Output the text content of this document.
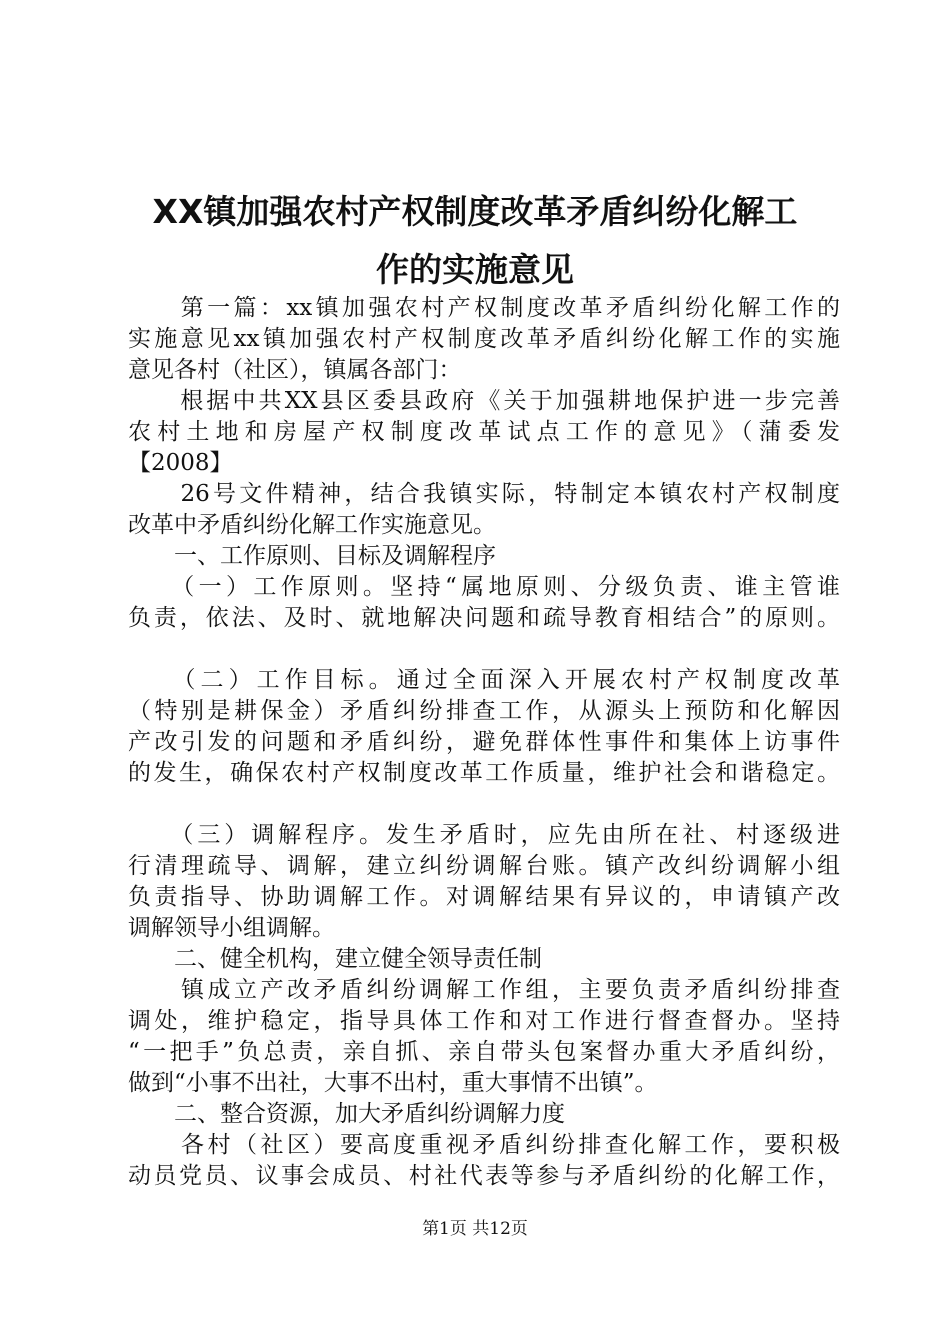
XX镇加强农村产权制度改革矛盾纠纷化解工
作的实施意见
　　第一篇：xx镇加强农村产权制度改革矛盾纠纷化解工作的
实施意见xx镇加强农村产权制度改革矛盾纠纷化解工作的实施
意见各村（社区），镇属各部门：
　　根据中共XX县区委县政府《关于加强耕地保护进一步完善
农村土地和房屋产权制度改革试点工作的意见》（蒲委发
【2008】
　　26号文件精神，结合我镇实际，特制定本镇农村产权制度
改革中矛盾纠纷化解工作实施意见。
　　一、工作原则、目标及调解程序
　　（一）工作原则。坚持“属地原则、分级负责、谁主管谁
负责，依法、及时、就地解决问题和疏导教育相结合”的原则。
　　（二）工作目标。通过全面深入开展农村产权制度改革
（特别是耕保金）矛盾纠纷排查工作，从源头上预防和化解因
产改引发的问题和矛盾纠纷，避免群体性事件和集体上访事件
的发生，确保农村产权制度改革工作质量，维护社会和谐稳定。
　　（三）调解程序。发生矛盾时，应先由所在社、村逐级进
行清理疏导、调解，建立纠纷调解台账。镇产改纠纷调解小组
负责指导、协助调解工作。对调解结果有异议的，申请镇产改
调解领导小组调解。
　　二、健全机构，建立健全领导责任制
　　镇成立产改矛盾纠纷调解工作组，主要负责矛盾纠纷排查
调处，维护稳定，指导具体工作和对工作进行督查督办。坚持
“一把手”负总责，亲自抓、亲自带头包案督办重大矛盾纠纷，
做到“小事不出社，大事不出村，重大事情不出镇”。
　　二、整合资源，加大矛盾纠纷调解力度
　　各村（社区）要高度重视矛盾纠纷排查化解工作，要积极
动员党员、议事会成员、村社代表等参与矛盾纠纷的化解工作，
第1页 共12页
